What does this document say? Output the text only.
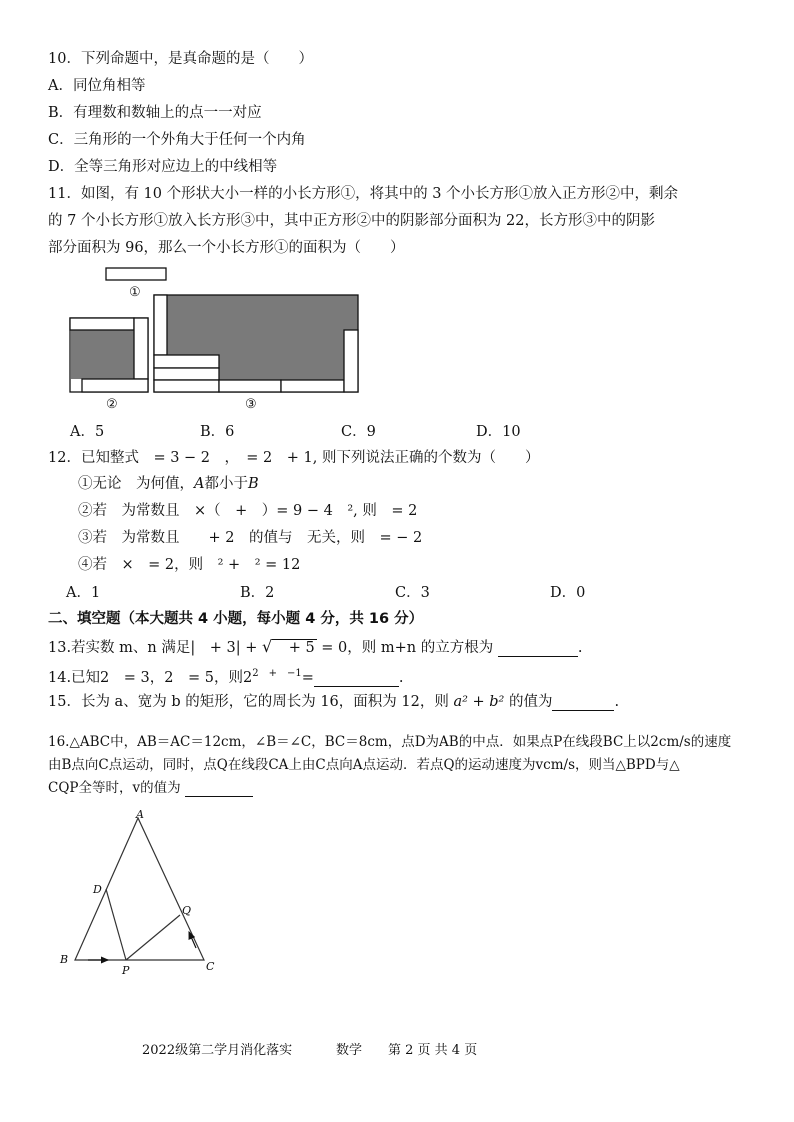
10．下列命题中，是真命题的是（　　）
A．同位角相等
B．有理数和数轴上的点一一对应
C．三角形的一个外角大于任何一个内角
D．全等三角形对应边上的中线相等
11．如图，有 10 个形状大小一样的小长方形①，将其中的 3 个小长方形①放入正方形②中，剩余
的 7 个小长方形①放入长方形③中，其中正方形②中的阴影部分面积为 22，长方形③中的阴影
部分面积为 96，那么一个小长方形①的面积为（　　）
①
②	③
A．5	B．6	C．9	D．10
12．已知整式　= 3 − 2　，　= 2　+ 1, 则下列说法正确的个数为（　　）
①无论　为何值，A都小于B
②若　为常数且　×（　+　）= 9 − 4　², 则　= 2
③若　为常数且　　+ 2　的值与　无关，则　= − 2
④若　×　= 2，则　² +　² = 12
A．1	B．2	C．3	D．0
二、填空题（本大题共 4 小题，每小题 4 分，共 16 分）
13.若实数 m、n 满足|　+ 3| + √　+ 5 = 0，则 m+n 的立方根为	.
14.已知2　= 3，2　= 5，则$2^{2 + -1}=$	.
15．长为 a、宽为 b 的矩形，它的周长为 16，面积为 12，则 a² + b² 的值为	.
16.△ABC中，AB＝AC＝12cm，∠B＝∠C，BC＝8cm，点D为AB的中点．如果点P在线段BC上以2cm/s的速度
由B点向C点运动，同时，点Q在线段CA上由C点向A点运动．若点Q的运动速度为vcm/s，则当△BPD与△
CQP全等时，v的值为
A
D
Q
B
P	C
2022级第二学月消化落实	数学 第 2 页 共 4 页
